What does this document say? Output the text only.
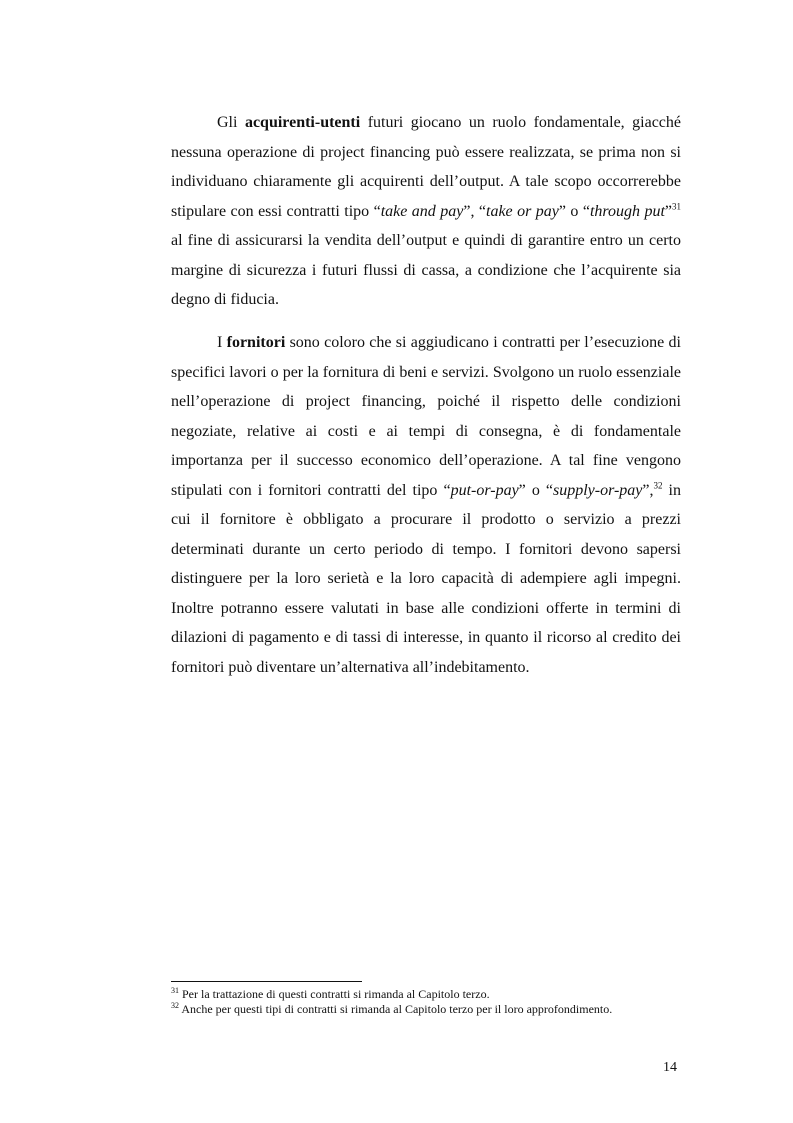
Gli acquirenti-utenti futuri giocano un ruolo fondamentale, giacché nessuna operazione di project financing può essere realizzata, se prima non si individuano chiaramente gli acquirenti dell’output. A tale scopo occorrerebbe stipulare con essi contratti tipo “take and pay”, “take or pay” o “through put”$^{31}$ al fine di assicurarsi la vendita dell’output e quindi di garantire entro un certo margine di sicurezza i futuri flussi di cassa, a condizione che l’acquirente sia degno di fiducia.

I fornitori sono coloro che si aggiudicano i contratti per l’esecuzione di specifici lavori o per la fornitura di beni e servizi. Svolgono un ruolo essenziale nell’operazione di project financing, poiché il rispetto delle condizioni negoziate, relative ai costi e ai tempi di consegna, è di fondamentale importanza per il successo economico dell’operazione. A tal fine vengono stipulati con i fornitori contratti del tipo “put-or-pay” o “supply-or-pay”,$^{32}$ in cui il fornitore è obbligato a procurare il prodotto o servizio a prezzi determinati durante un certo periodo di tempo. I fornitori devono sapersi distinguere per la loro serietà e la loro capacità di adempiere agli impegni. Inoltre potranno essere valutati in base alle condizioni offerte in termini di dilazioni di pagamento e di tassi di interesse, in quanto il ricorso al credito dei fornitori può diventare un’alternativa all’indebitamento.

$^{31}$ Per la trattazione di questi contratti si rimanda al Capitolo terzo.

$^{32}$ Anche per questi tipi di contratti si rimanda al Capitolo terzo per il loro approfondimento.

14
